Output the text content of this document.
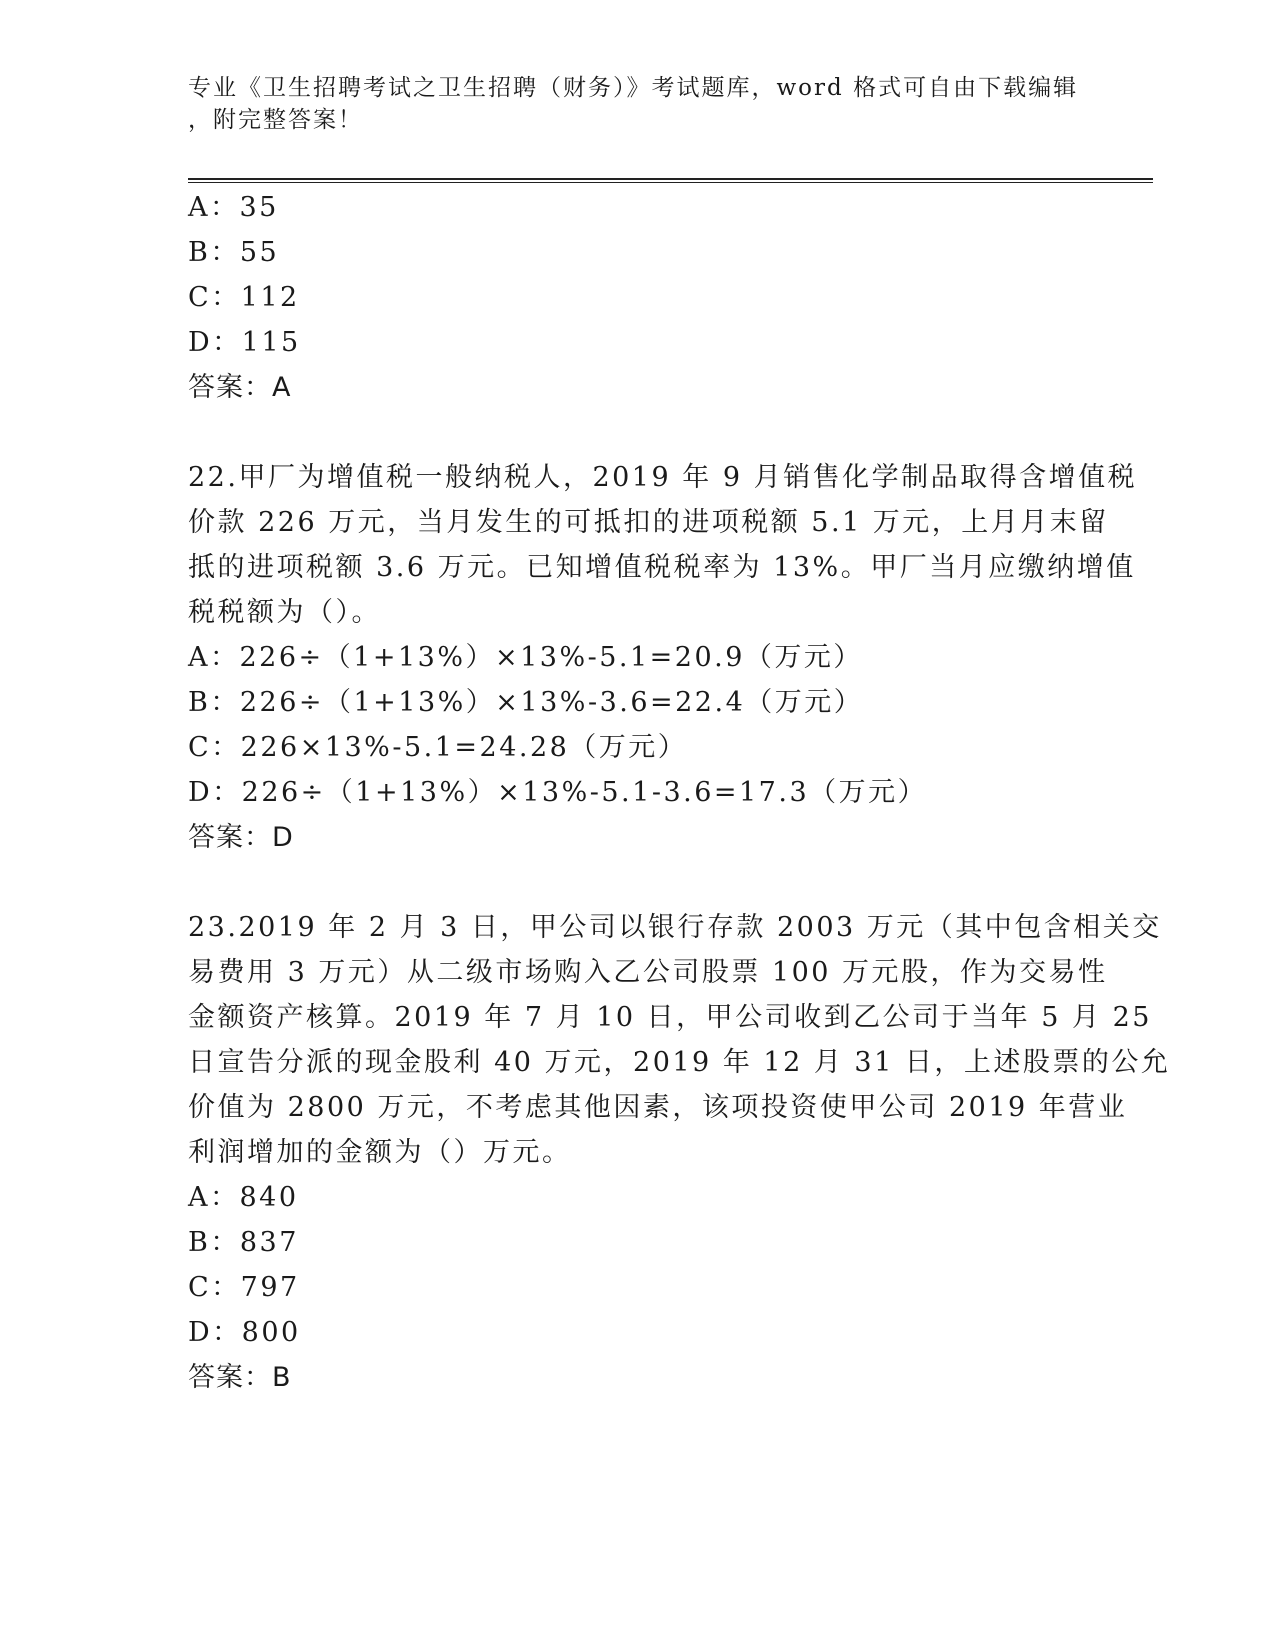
专业《卫生招聘考试之卫生招聘（财务）》考试题库，word 格式可自由下载编辑
，附完整答案！
A：35
B：55
C：112
D：115
答案：A
22.甲厂为增值税一般纳税人，2019 年 9 月销售化学制品取得含增值税
价款 226 万元，当月发生的可抵扣的进项税额 5.1 万元，上月月末留
抵的进项税额 3.6 万元。已知增值税税率为 13%。甲厂当月应缴纳增值
税税额为（）。
A：226÷（1+13%）×13%-5.1=20.9（万元）
B：226÷（1+13%）×13%-3.6=22.4（万元）
C：226×13%-5.1=24.28（万元）
D：226÷（1+13%）×13%-5.1-3.6=17.3（万元）
答案：D
23.2019 年 2 月 3 日，甲公司以银行存款 2003 万元（其中包含相关交
易费用 3 万元）从二级市场购入乙公司股票 100 万元股，作为交易性
金额资产核算。2019 年 7 月 10 日，甲公司收到乙公司于当年 5 月 25
日宣告分派的现金股利 40 万元，2019 年 12 月 31 日，上述股票的公允
价值为 2800 万元，不考虑其他因素，该项投资使甲公司 2019 年营业
利润增加的金额为（）万元。
A：840
B：837
C：797
D：800
答案：B
